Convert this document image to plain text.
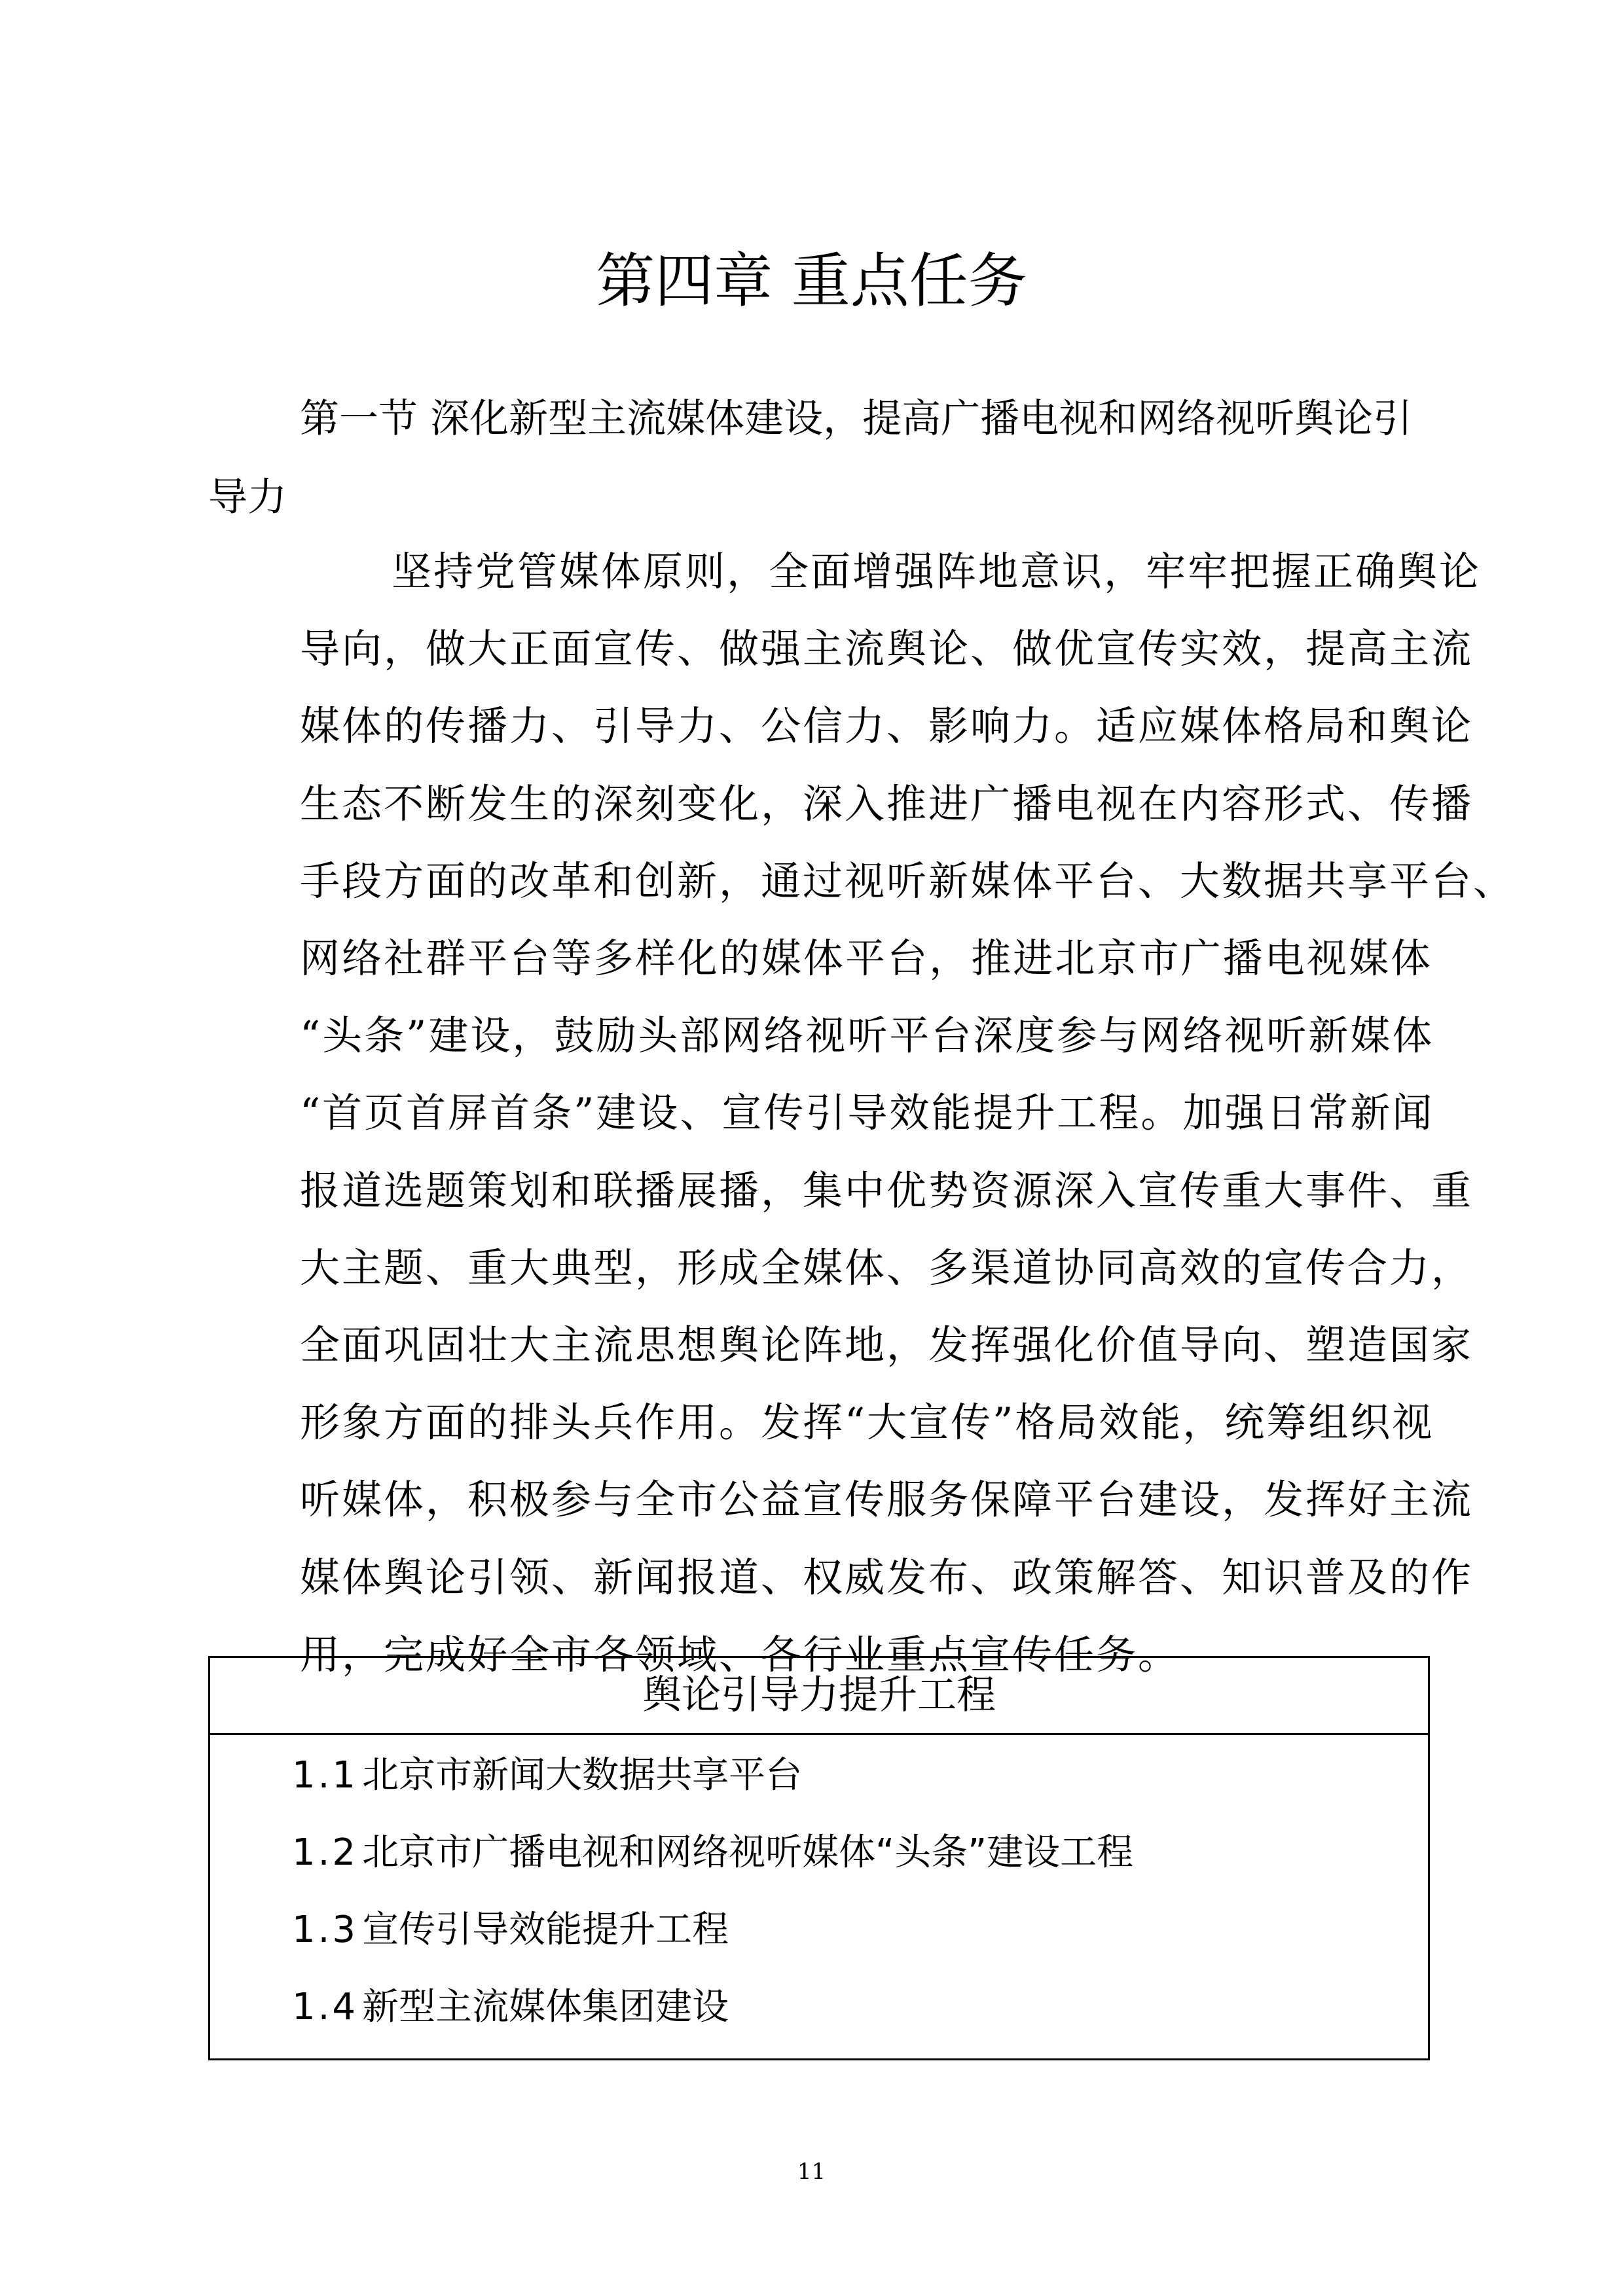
第四章 重点任务

第一节 深化新型主流媒体建设，提高广播电视和网络视听舆论引导力

坚持党管媒体原则，全面增强阵地意识，牢牢把握正确舆论
导向，做大正面宣传、做强主流舆论、做优宣传实效，提高主流
媒体的传播力、引导力、公信力、影响力。适应媒体格局和舆论
生态不断发生的深刻变化，深入推进广播电视在内容形式、传播
手段方面的改革和创新，通过视听新媒体平台、大数据共享平台、
网络社群平台等多样化的媒体平台，推进北京市广播电视媒体
“头条”建设，鼓励头部网络视听平台深度参与网络视听新媒体
“首页首屏首条”建设、宣传引导效能提升工程。加强日常新闻
报道选题策划和联播展播，集中优势资源深入宣传重大事件、重
大主题、重大典型，形成全媒体、多渠道协同高效的宣传合力，
全面巩固壮大主流思想舆论阵地，发挥强化价值导向、塑造国家
形象方面的排头兵作用。发挥“大宣传”格局效能，统筹组织视
听媒体，积极参与全市公益宣传服务保障平台建设，发挥好主流
媒体舆论引领、新闻报道、权威发布、政策解答、知识普及的作
用，完成好全市各领域、各行业重点宣传任务。
舆论引导力提升工程
1.1 北京市新闻大数据共享平台
1.2 北京市广播电视和网络视听媒体“头条”建设工程
1.3 宣传引导效能提升工程
1.4 新型主流媒体集团建设
11
